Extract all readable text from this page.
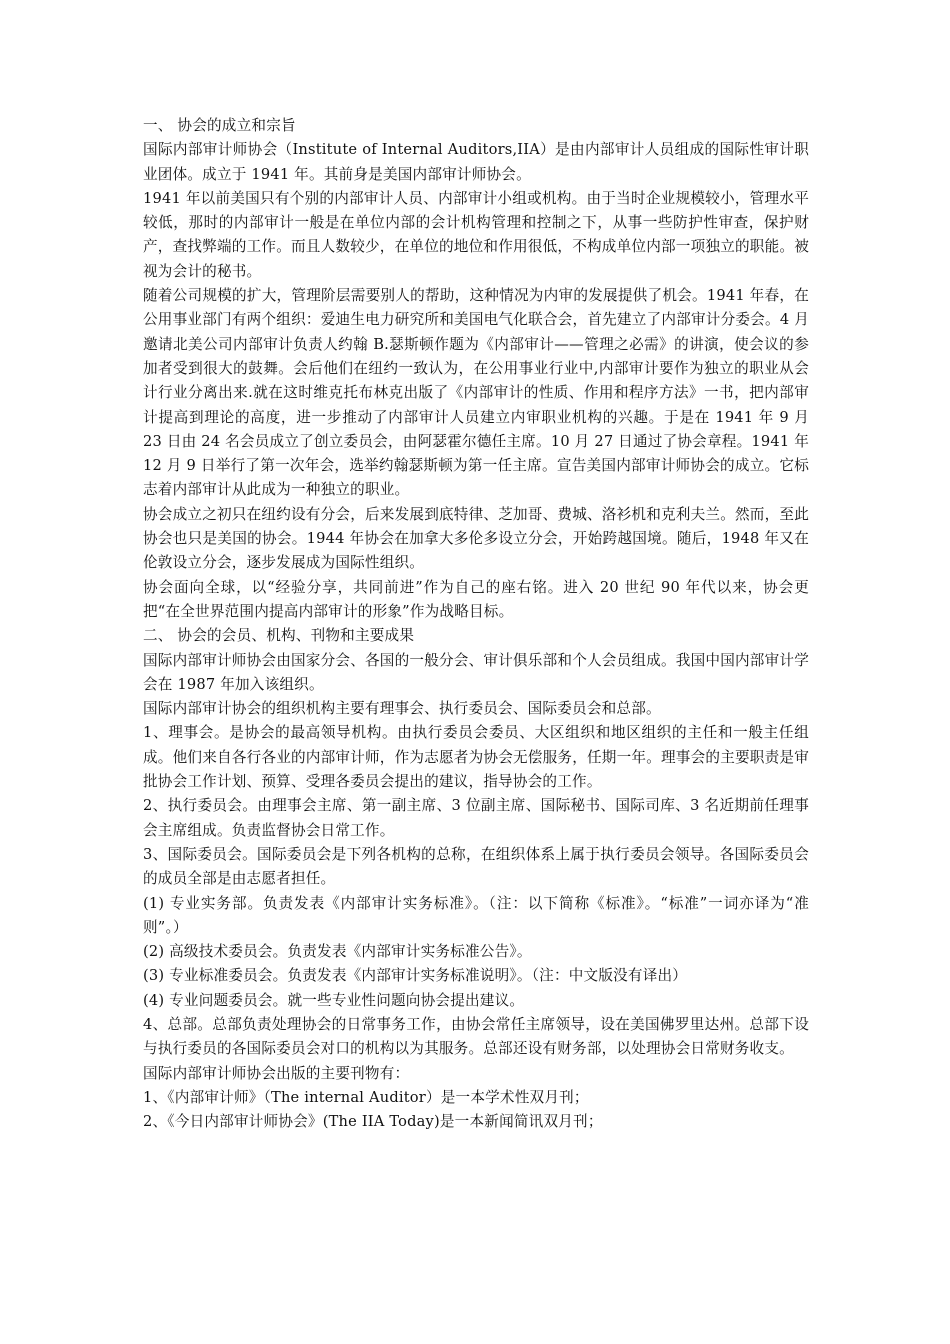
一、 协会的成立和宗旨

国际内部审计师协会（Institute of Internal Auditors,IIA）是由内部审计人员组成的国际性审计职业团体。成立于 1941 年。其前身是美国内部审计师协会。

1941 年以前美国只有个别的内部审计人员、内部审计小组或机构。由于当时企业规模较小，管理水平较低，那时的内部审计一般是在单位内部的会计机构管理和控制之下，从事一些防护性审查，保护财产，查找弊端的工作。而且人数较少，在单位的地位和作用很低，不构成单位内部一项独立的职能。被视为会计的秘书。

随着公司规模的扩大，管理阶层需要别人的帮助，这种情况为内审的发展提供了机会。1941 年春，在公用事业部门有两个组织：爱迪生电力研究所和美国电气化联合会，首先建立了内部审计分委会。4 月邀请北美公司内部审计负责人约翰 B.瑟斯顿作题为《内部审计——管理之必需》的讲演，使会议的参加者受到很大的鼓舞。会后他们在纽约一致认为，在公用事业行业中,内部审计要作为独立的职业从会计行业分离出来.就在这时维克托布林克出版了《内部审计的性质、作用和程序方法》一书，把内部审计提高到理论的高度，进一步推动了内部审计人员建立内审职业机构的兴趣。于是在 1941 年 9 月 23 日由 24 名会员成立了创立委员会，由阿瑟霍尔德任主席。10 月 27 日通过了协会章程。1941 年 12 月 9 日举行了第一次年会，选举约翰瑟斯顿为第一任主席。宣告美国内部审计师协会的成立。它标志着内部审计从此成为一种独立的职业。

协会成立之初只在纽约设有分会，后来发展到底特律、芝加哥、费城、洛衫机和克利夫兰。然而，至此协会也只是美国的协会。1944 年协会在加拿大多伦多设立分会，开始跨越国境。随后，1948 年又在伦敦设立分会，逐步发展成为国际性组织。

协会面向全球，以“经验分享，共同前进”作为自己的座右铭。进入 20 世纪 90 年代以来，协会更把“在全世界范围内提高内部审计的形象”作为战略目标。

二、 协会的会员、机构、刊物和主要成果

国际内部审计师协会由国家分会、各国的一般分会、审计俱乐部和个人会员组成。我国中国内部审计学会在 1987 年加入该组织。

国际内部审计协会的组织机构主要有理事会、执行委员会、国际委员会和总部。

1、理事会。是协会的最高领导机构。由执行委员会委员、大区组织和地区组织的主任和一般主任组成。他们来自各行各业的内部审计师，作为志愿者为协会无偿服务，任期一年。理事会的主要职责是审批协会工作计划、预算、受理各委员会提出的建议，指导协会的工作。

2、执行委员会。由理事会主席、第一副主席、3 位副主席、国际秘书、国际司库、3 名近期前任理事会主席组成。负责监督协会日常工作。

3、国际委员会。国际委员会是下列各机构的总称，在组织体系上属于执行委员会领导。各国际委员会的成员全部是由志愿者担任。

(1) 专业实务部。负责发表《内部审计实务标准》。（注：以下简称《标准》。“标准”一词亦译为“准则”。）

(2) 高级技术委员会。负责发表《内部审计实务标准公告》。

(3) 专业标准委员会。负责发表《内部审计实务标准说明》。（注：中文版没有译出）

(4) 专业问题委员会。就一些专业性问题向协会提出建议。

4、总部。总部负责处理协会的日常事务工作，由协会常任主席领导，设在美国佛罗里达州。总部下设与执行委员的各国际委员会对口的机构以为其服务。总部还设有财务部，以处理协会日常财务收支。

国际内部审计师协会出版的主要刊物有：

1、《内部审计师》（The internal Auditor）是一本学术性双月刊；

2、《今日内部审计师协会》(The IIA Today)是一本新闻简讯双月刊；
